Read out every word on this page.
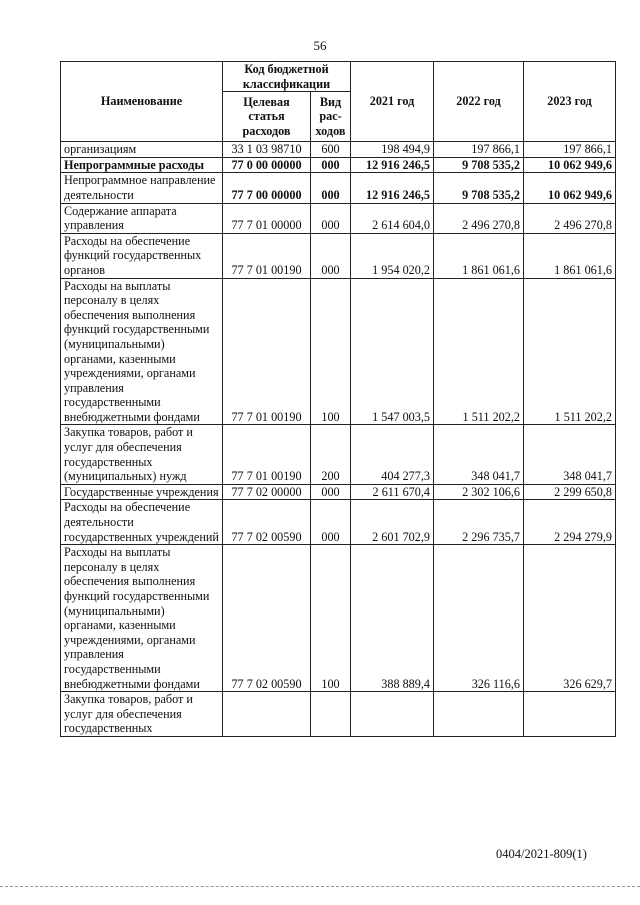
56
Наименование	Код бюджетной классификации		2021 год	2022 год	2023 год
	Целевая статья расходов	Вид рас-ходов			
организациям	33 1 03 98710	600	198 494,9	197 866,1	197 866,1
Непрограммные расходы	77 0 00 00000	000	12 916 246,5	9 708 535,2	10 062 949,6
Непрограммное направление деятельности	77 7 00 00000	000	12 916 246,5	9 708 535,2	10 062 949,6
Содержание аппарата управления	77 7 01 00000	000	2 614 604,0	2 496 270,8	2 496 270,8
Расходы на обеспечение функций государственных органов	77 7 01 00190	000	1 954 020,2	1 861 061,6	1 861 061,6
Расходы на выплаты персоналу в целях обеспечения выполнения функций государственными (муниципальными) органами, казенными учреждениями, органами управления государственными внебюджетными фондами	77 7 01 00190	100	1 547 003,5	1 511 202,2	1 511 202,2
Закупка товаров, работ и услуг для обеспечения государственных (муниципальных) нужд	77 7 01 00190	200	404 277,3	348 041,7	348 041,7
Государственные учреждения	77 7 02 00000	000	2 611 670,4	2 302 106,6	2 299 650,8
Расходы на обеспечение деятельности государственных учреждений	77 7 02 00590	000	2 601 702,9	2 296 735,7	2 294 279,9
Расходы на выплаты персоналу в целях обеспечения выполнения функций государственными (муниципальными) органами, казенными учреждениями, органами управления государственными внебюджетными фондами	77 7 02 00590	100	388 889,4	326 116,6	326 629,7
Закупка товаров, работ и услуг для обеспечения государственных					
0404/2021-809(1)
